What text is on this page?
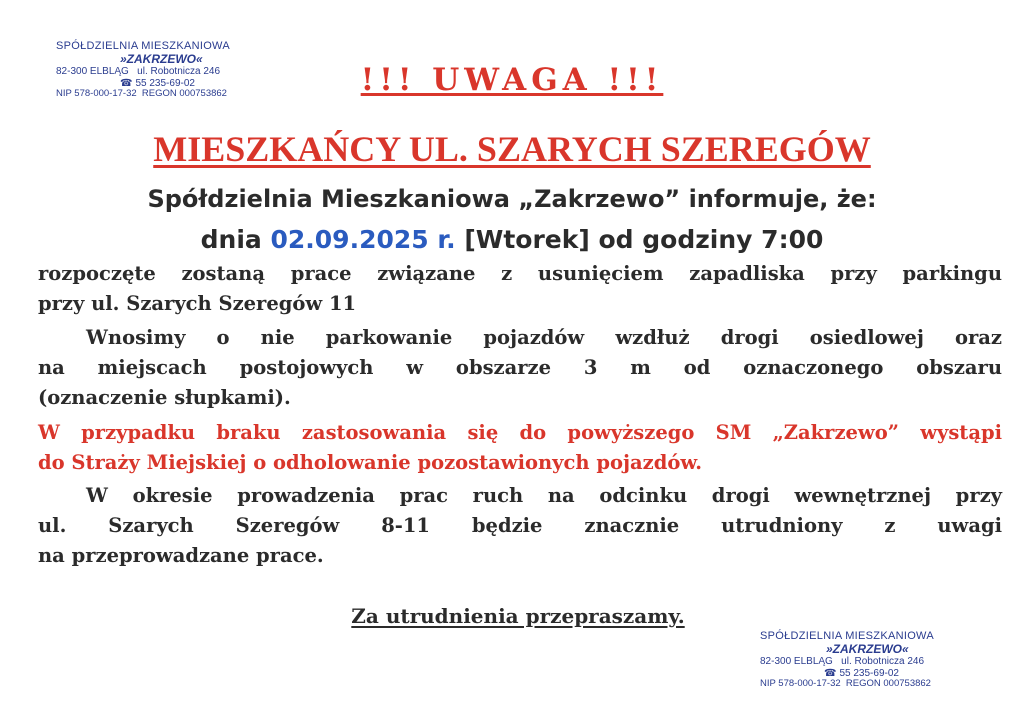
SPÓŁDZIELNIA MIESZKANIOWA
»ZAKRZEWO«
82-300 ELBLĄG ul. Robotnicza 246
☎ 55 235-69-02
NIP 578-000-17-32 REGON 000753862	!!! UWAGA !!!
MIESZKAŃCY UL. SZARYCH SZEREGÓW
Spółdzielnia Mieszkaniowa „Zakrzewo” informuje, że:
dnia 02.09.2025 r. [Wtorek] od godziny 7:00

rozpoczęte zostaną prace związane z usunięciem zapadliska przy parkingu
przy ul. Szarych Szeregów 11

Wnosimy o nie parkowanie pojazdów wzdłuż drogi osiedlowej oraz
na miejscach postojowych w obszarze 3 m od oznaczonego obszaru
(oznaczenie słupkami).

W przypadku braku zastosowania się do powyższego SM „Zakrzewo” wystąpi
do Straży Miejskiej o odholowanie pozostawionych pojazdów.

W okresie prowadzenia prac ruch na odcinku drogi wewnętrznej przy
ul. Szarych Szeregów 8-11 będzie znacznie utrudniony z uwagi
na przeprowadzane prace.

Za utrudnienia przepraszamy.
SPÓŁDZIELNIA MIESZKANIOWA
»ZAKRZEWO«
82-300 ELBLĄG ul. Robotnicza 246
☎ 55 235-69-02
NIP 578-000-17-32 REGON 000753862
